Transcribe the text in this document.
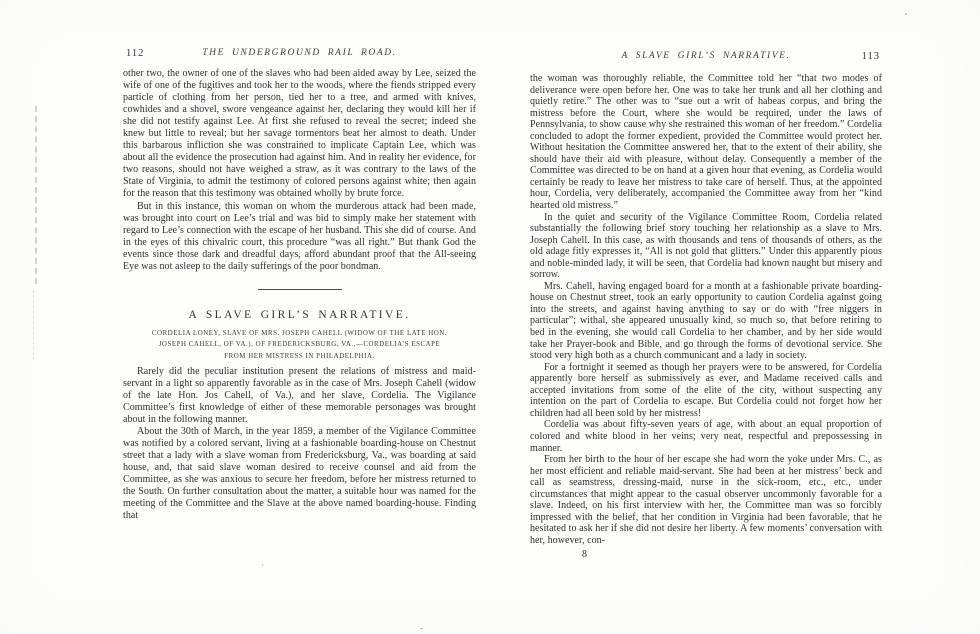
112	THE UNDERGROUND RAIL ROAD.

other two, the owner of one of the slaves who had been aided away by Lee, seized the wife of one of the fugitives and took her to the woods, where the fiends stripped every particle of clothing from her person, tied her to a tree, and armed with knives, cowhides and a shovel, swore vengeance against her, declaring they would kill her if she did not testify against Lee. At first she refused to reveal the secret; indeed she knew but little to reveal; but her savage tormentors beat her almost to death. Under this barbarous infliction she was constrained to implicate Captain Lee, which was about all the evidence the prosecution had against him. And in reality her evidence, for two reasons, should not have weighed a straw, as it was contrary to the laws of the State of Virginia, to admit the testimony of colored persons against white; then again for the reason that this testimony was obtained wholly by brute force.

But in this instance, this woman on whom the murderous attack had been made, was brought into court on Lee’s trial and was bid to simply make her statement with regard to Lee’s connection with the escape of her husband. This she did of course. And in the eyes of this chivalric court, this procedure “was all right.” But thank God the events since those dark and dreadful days, afford abundant proof that the All-seeing Eye was not asleep to the daily sufferings of the poor bondman.

A SLAVE GIRL’S NARRATIVE.
CORDELIA LONEY, SLAVE OF MRS. JOSEPH CAHELL (WIDOW OF THE LATE HON.
JOSEPH CAHELL, OF VA.), OF FREDERICKSBURG, VA.,—CORDELIA’S ESCAPE
FROM HER MISTRESS IN PHILADELPHIA.

Rarely did the peculiar institution present the relations of mistress and maid-servant in a light so apparently favorable as in the case of Mrs. Joseph Cahell (widow of the late Hon. Jos Cahell, of Va.), and her slave, Cordelia. The Vigilance Committee’s first knowledge of either of these memorable personages was brought about in the following manner.

About the 30th of March, in the year 1859, a member of the Vigilance Committee was notified by a colored servant, living at a fashionable boarding-house on Chestnut street that a lady with a slave woman from Fredericksburg, Va., was boarding at said house, and, that said slave woman desired to receive counsel and aid from the Committee, as she was anxious to secure her freedom, before her mistress returned to the South. On further consultation about the matter, a suitable hour was named for the meeting of the Committee and the Slave at the above named boarding-house. Finding that

A SLAVE GIRL’S NARRATIVE.	113

the woman was thoroughly reliable, the Committee told her “that two modes of deliverance were open before her. One was to take her trunk and all her clothing and quietly retire.” The other was to “sue out a writ of habeas corpus, and bring the mistress before the Court, where she would be required, under the laws of Pennsylvania, to show cause why she restrained this woman of her freedom.” Cordelia concluded to adopt the former expedient, provided the Committee would protect her. Without hesitation the Committee answered her, that to the extent of their ability, she should have their aid with pleasure, without delay. Consequently a member of the Committee was directed to be on hand at a given hour that evening, as Cordelia would certainly be ready to leave her mistress to take care of herself. Thus, at the appointed hour, Cordelia, very deliberately, accompanied the Committee away from her “kind hearted old mistress.”

In the quiet and security of the Vigilance Committee Room, Cordelia related substantially the following brief story touching her relationship as a slave to Mrs. Joseph Cahell. In this case, as with thousands and tens of thousands of others, as the old adage fitly expresses it, “All is not gold that glitters.” Under this apparently pious and noble-minded lady, it will be seen, that Cordelia had known naught but misery and sorrow.

Mrs. Cahell, having engaged board for a month at a fashionable private boarding-house on Chestnut street, took an early opportunity to caution Cordelia against going into the streets, and against having anything to say or do with “free niggers in particular”; withal, she appeared unusually kind, so much so, that before retiring to bed in the evening, she would call Cordelia to her chamber, and by her side would take her Prayer-book and Bible, and go through the forms of devotional service. She stood very high both as a church communicant and a lady in society.

For a fortnight it seemed as though her prayers were to be answered, for Cordelia apparently bore herself as submissively as ever, and Madame received calls and accepted invitations from some of the elite of the city, without suspecting any intention on the part of Cordelia to escape. But Cordelia could not forget how her children had all been sold by her mistress!

Cordelia was about fifty-seven years of age, with about an equal proportion of colored and white blood in her veins; very neat, respectful and prepossessing in manner.

From her birth to the hour of her escape she had worn the yoke under Mrs. C., as her most efficient and reliable maid-servant. She had been at her mistress’ beck and call as seamstress, dressing-maid, nurse in the sick-room, etc., etc., under circumstances that might appear to the casual observer uncommonly favorable for a slave. Indeed, on his first interview with her, the Committee man was so forcibly impressed with the belief, that her condition in Virginia had been favorable, that he hesitated to ask her if she did not desire her liberty. A few moments’ conversation with her, however, con-

8
